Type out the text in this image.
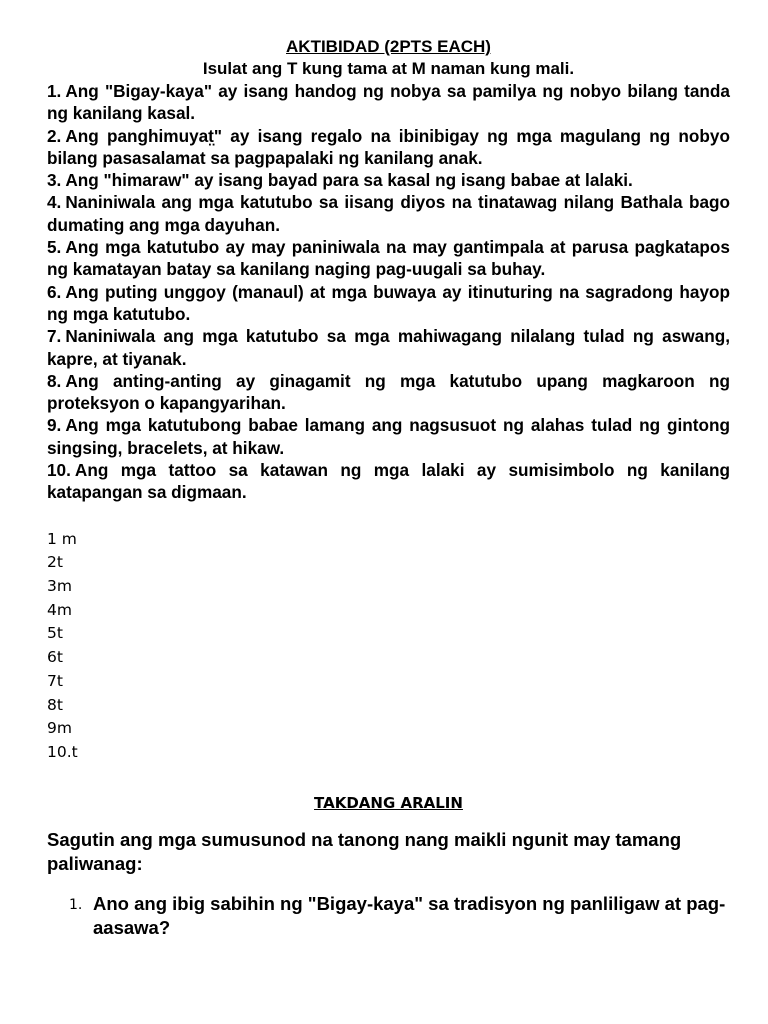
AKTIBIDAD (2PTS EACH)

Isulat ang T kung tama at M naman kung mali.

1. Ang "Bigay-kaya" ay isang handog ng nobya sa pamilya ng nobyo bilang tanda ng kanilang kasal.
2. Ang panghimuyat̤" ay isang regalo na ibinibigay ng mga magulang ng nobyo bilang pasasalamat sa pagpapalaki ng kanilang anak.
3. Ang "himaraw" ay isang bayad para sa kasal ng isang babae at lalaki.
4. Naniniwala ang mga katutubo sa iisang diyos na tinatawag nilang Bathala bago dumating ang mga dayuhan.
5. Ang mga katutubo ay may paniniwala na may gantimpala at parusa pagkatapos ng kamatayan batay sa kanilang naging pag-uugali sa buhay.
6. Ang puting unggoy (manaul) at mga buwaya ay itinuturing na sagradong hayop ng mga katutubo.
7. Naniniwala ang mga katutubo sa mga mahiwagang nilalang tulad ng aswang, kapre, at tiyanak.
8. Ang anting-anting ay ginagamit ng mga katutubo upang magkaroon ng proteksyon o kapangyarihan.
9. Ang mga katutubong babae lamang ang nagsusuot ng alahas tulad ng gintong singsing, bracelets, at hikaw.
10. Ang mga tattoo sa katawan ng mga lalaki ay sumisimbolo ng kanilang katapangan sa digmaan.
1 m
2t
3m
4m
5t
6t
7t
8t
9m
10.t
TAKDANG ARALIN
Sagutin ang mga sumusunod na tanong nang maikli ngunit may tamang paliwanag:
1. Ano ang ibig sabihin ng "Bigay-kaya" sa tradisyon ng panliligaw at pag-aasawa?
